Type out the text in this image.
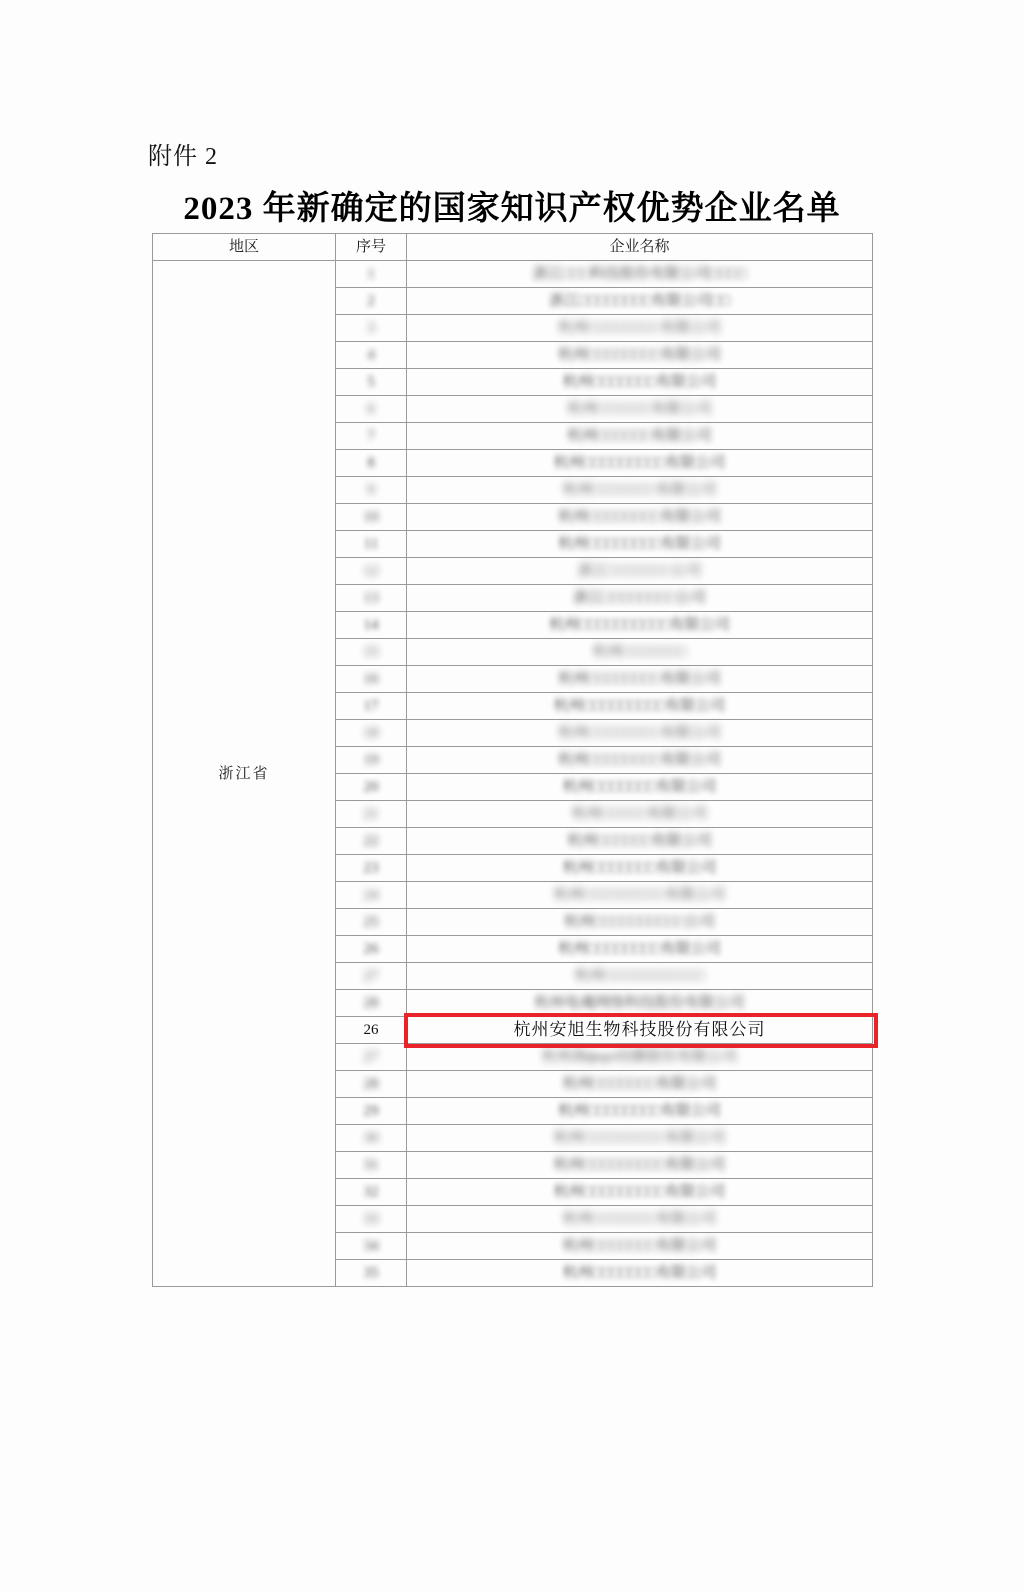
附件 2
2023 年新确定的国家知识产权优势企业名单
地区	序号	企业名称
浙江省	1	浙江□□□科技股份有限公司□□□□
	2	浙江□□□□□□□□有限公司□□
	3	杭州□□□□□□□□有限公司
	4	杭州□□□□□□□□有限公司
	5	杭州□□□□□□□有限公司
	6	杭州□□□□□□有限公司
	7	杭州□□□□□□有限公司
	8	杭州□□□□□□□□□有限公司
	9	杭州□□□□□□□有限公司
	10	杭州□□□□□□□□有限公司
	11	杭州□□□□□□□□有限公司
	12	浙江□□□□□□□公司
	13	浙江□□□□□□□□公司
	14	杭州□□□□□□□□□□有限公司
	15	杭州□□□□□□□
	16	杭州□□□□□□□□有限公司
	17	杭州□□□□□□□□□有限公司
	18	杭州□□□□□□□□有限公司
	19	杭州□□□□□□□□有限公司
	20	杭州□□□□□□□有限公司
	21	杭州□□□□□有限公司
	22	杭州□□□□□□有限公司
	23	杭州□□□□□□□有限公司
	24	杭州□□□□□□□□□有限公司
	25	杭州□□□□□□□□□□公司
	26	杭州□□□□□□□□有限公司
	27	杭州□□□□□□□□□□□
	28	杭州电魂网络科技股份有限公司
	26	杭州安旭生物科技股份有限公司
	27	杭州海ферт结膜股份有限公司
	28	杭州□□□□□□□有限公司
	29	杭州□□□□□□□□有限公司
	30	杭州□□□□□□□□□有限公司
	31	杭州□□□□□□□□□有限公司
	32	杭州□□□□□□□□□有限公司
	33	杭州□□□□□□□有限公司
	34	杭州□□□□□□□有限公司
	35	杭州□□□□□□□有限公司
